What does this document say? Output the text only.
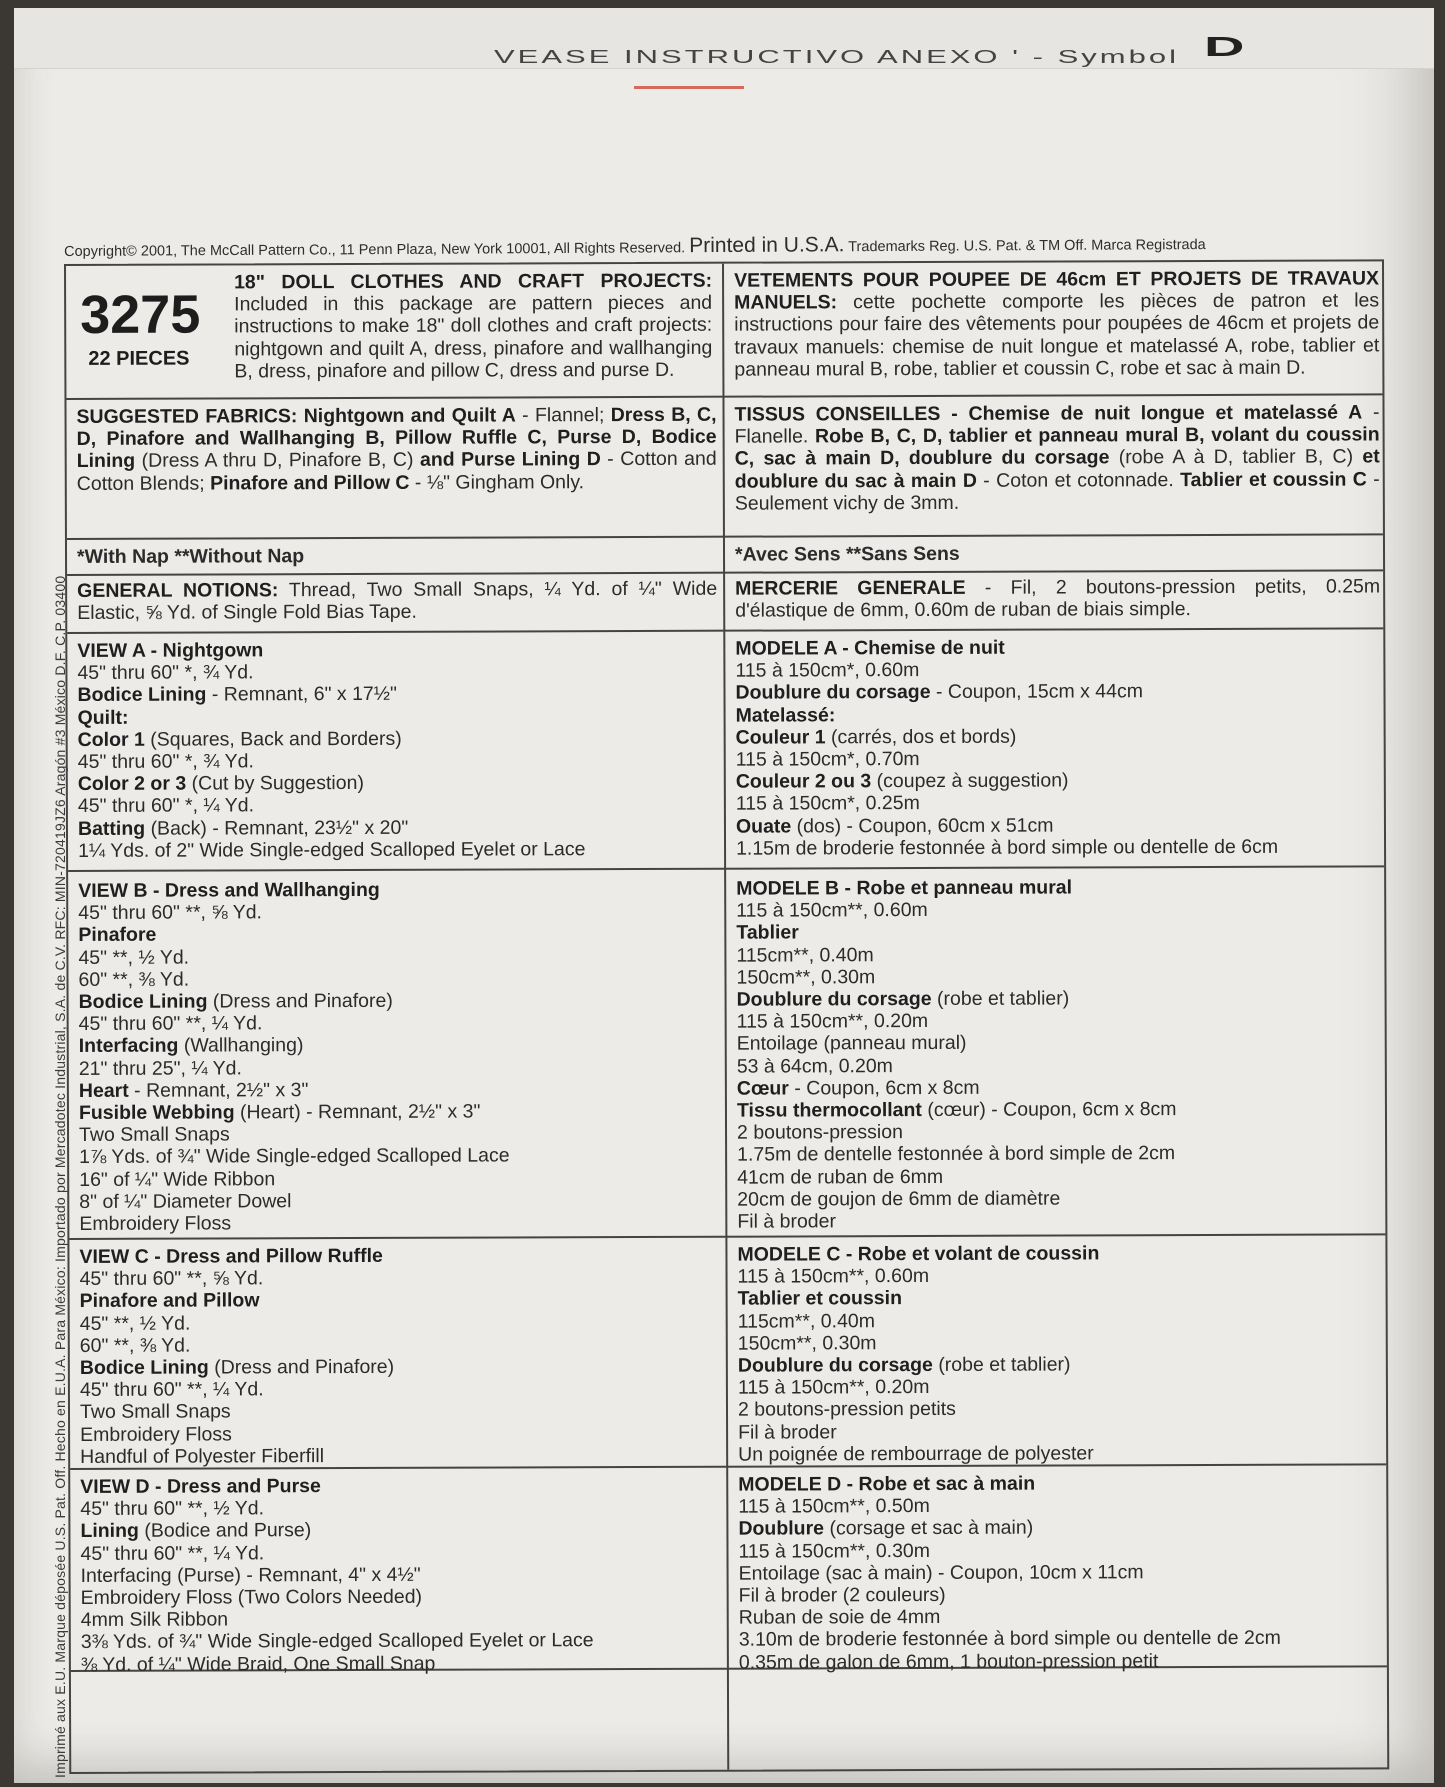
VEASE INSTRUCTIVO ANEXO ' - Symbol D
Copyright© 2001, The McCall Pattern Co., 11 Penn Plaza, New York 10001, All Rights Reserved. Printed in U.S.A. Trademarks Reg. U.S. Pat. & TM Off. Marca Registrada
Imprimé aux E.U. Marque déposée U.S. Pat. Off. Hecho en E.U.A. Para México: Importado por Mercadotec Industrial, S.A. de C.V. RFC: MIN-720419JZ6 Aragón #3 México D.F. C.P. 03400
3275
22 PIECES
18" DOLL CLOTHES AND CRAFT PROJECTS: Included in this package are pattern pieces and instructions to make 18" doll clothes and craft projects: nightgown and quilt A, dress, pinafore and wallhanging B, dress, pinafore and pillow C, dress and purse D.
VETEMENTS POUR POUPEE DE 46cm ET PROJETS DE TRAVAUX MANUELS: cette pochette comporte les pièces de patron et les instructions pour faire des vêtements pour poupées de 46cm et projets de travaux manuels: chemise de nuit longue et matelassé A, robe, tablier et panneau mural B, robe, tablier et coussin C, robe et sac à main D.
SUGGESTED FABRICS: Nightgown and Quilt A - Flannel; Dress B, C, D, Pinafore and Wallhanging B, Pillow Ruffle C, Purse D, Bodice Lining (Dress A thru D, Pinafore B, C) and Purse Lining D - Cotton and Cotton Blends; Pinafore and Pillow C - ⅛" Gingham Only.
TISSUS CONSEILLES - Chemise de nuit longue et matelassé A - Flanelle. Robe B, C, D, tablier et panneau mural B, volant du coussin C, sac à main D, doublure du corsage (robe A à D, tablier B, C) et doublure du sac à main D - Coton et cotonnade. Tablier et coussin C - Seulement vichy de 3mm.
*With Nap **Without Nap	*Avec Sens **Sans Sens
GENERAL NOTIONS: Thread, Two Small Snaps, ¼ Yd. of ¼" Wide Elastic, ⅝ Yd. of Single Fold Bias Tape.
MERCERIE GENERALE - Fil, 2 boutons-pression petits, 0.25m d'élastique de 6mm, 0.60m de ruban de biais simple.
VIEW A - Nightgown
45" thru 60" *, ¾ Yd.
Bodice Lining - Remnant, 6" x 17½"
Quilt:
Color 1 (Squares, Back and Borders)
45" thru 60" *, ¾ Yd.
Color 2 or 3 (Cut by Suggestion)
45" thru 60" *, ¼ Yd.
Batting (Back) - Remnant, 23½" x 20"
1¼ Yds. of 2" Wide Single-edged Scalloped Eyelet or Lace
MODELE A - Chemise de nuit
115 à 150cm*, 0.60m
Doublure du corsage - Coupon, 15cm x 44cm
Matelassé:
Couleur 1 (carrés, dos et bords)
115 à 150cm*, 0.70m
Couleur 2 ou 3 (coupez à suggestion)
115 à 150cm*, 0.25m
Ouate (dos) - Coupon, 60cm x 51cm
1.15m de broderie festonnée à bord simple ou dentelle de 6cm
VIEW B - Dress and Wallhanging
45" thru 60" **, ⅝ Yd.
Pinafore
45" **, ½ Yd.
60" **, ⅜ Yd.
Bodice Lining (Dress and Pinafore)
45" thru 60" **, ¼ Yd.
Interfacing (Wallhanging)
21" thru 25", ¼ Yd.
Heart - Remnant, 2½" x 3"
Fusible Webbing (Heart) - Remnant, 2½" x 3"
Two Small Snaps
1⅞ Yds. of ¾" Wide Single-edged Scalloped Lace
16" of ¼" Wide Ribbon
8" of ¼" Diameter Dowel
Embroidery Floss
MODELE B - Robe et panneau mural
115 à 150cm**, 0.60m
Tablier
115cm**, 0.40m
150cm**, 0.30m
Doublure du corsage (robe et tablier)
115 à 150cm**, 0.20m
Entoilage (panneau mural)
53 à 64cm, 0.20m
Cœur - Coupon, 6cm x 8cm
Tissu thermocollant (cœur) - Coupon, 6cm x 8cm
2 boutons-pression
1.75m de dentelle festonnée à bord simple de 2cm
41cm de ruban de 6mm
20cm de goujon de 6mm de diamètre
Fil à broder
VIEW C - Dress and Pillow Ruffle
45" thru 60" **, ⅝ Yd.
Pinafore and Pillow
45" **, ½ Yd.
60" **, ⅜ Yd.
Bodice Lining (Dress and Pinafore)
45" thru 60" **, ¼ Yd.
Two Small Snaps
Embroidery Floss
Handful of Polyester Fiberfill
MODELE C - Robe et volant de coussin
115 à 150cm**, 0.60m
Tablier et coussin
115cm**, 0.40m
150cm**, 0.30m
Doublure du corsage (robe et tablier)
115 à 150cm**, 0.20m
2 boutons-pression petits
Fil à broder
Un poignée de rembourrage de polyester
VIEW D - Dress and Purse
45" thru 60" **, ½ Yd.
Lining (Bodice and Purse)
45" thru 60" **, ¼ Yd.
Interfacing (Purse) - Remnant, 4" x 4½"
Embroidery Floss (Two Colors Needed)
4mm Silk Ribbon
3⅜ Yds. of ¾" Wide Single-edged Scalloped Eyelet or Lace
⅜ Yd. of ¼" Wide Braid, One Small Snap
MODELE D - Robe et sac à main
115 à 150cm**, 0.50m
Doublure (corsage et sac à main)
115 à 150cm**, 0.30m
Entoilage (sac à main) - Coupon, 10cm x 11cm
Fil à broder (2 couleurs)
Ruban de soie de 4mm
3.10m de broderie festonnée à bord simple ou dentelle de 2cm
0.35m de galon de 6mm, 1 bouton-pression petit
